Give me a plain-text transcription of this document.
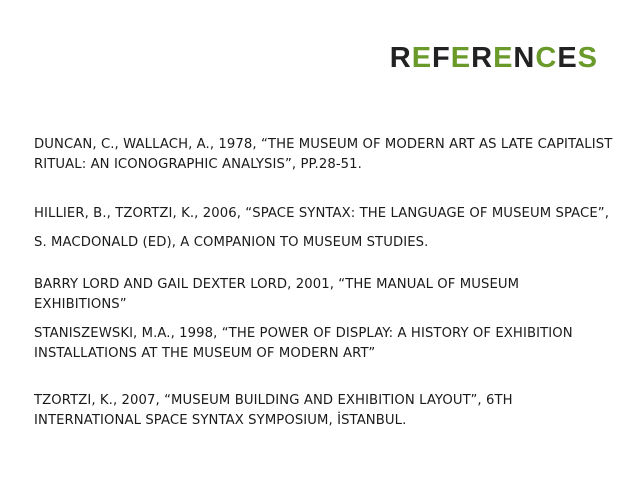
REFERENCES

DUNCAN, C., WALLACH, A., 1978, “THE MUSEUM OF MODERN ART AS LATE CAPITALIST

RITUAL: AN ICONOGRAPHIC ANALYSIS”, PP.28-51.

HILLIER, B., TZORTZI, K., 2006, “SPACE SYNTAX: THE LANGUAGE OF MUSEUM SPACE”,

S. MACDONALD (ED), A COMPANION TO MUSEUM STUDIES.

BARRY LORD AND GAIL DEXTER LORD, 2001, “THE MANUAL OF MUSEUM EXHIBITIONS”

STANISZEWSKI, M.A., 1998, “THE POWER OF DISPLAY: A HISTORY OF EXHIBITION

INSTALLATIONS AT THE MUSEUM OF MODERN ART”

TZORTZI, K., 2007, “MUSEUM BUILDING AND EXHIBITION LAYOUT”, 6TH

INTERNATIONAL SPACE SYNTAX SYMPOSIUM, İSTANBUL.
